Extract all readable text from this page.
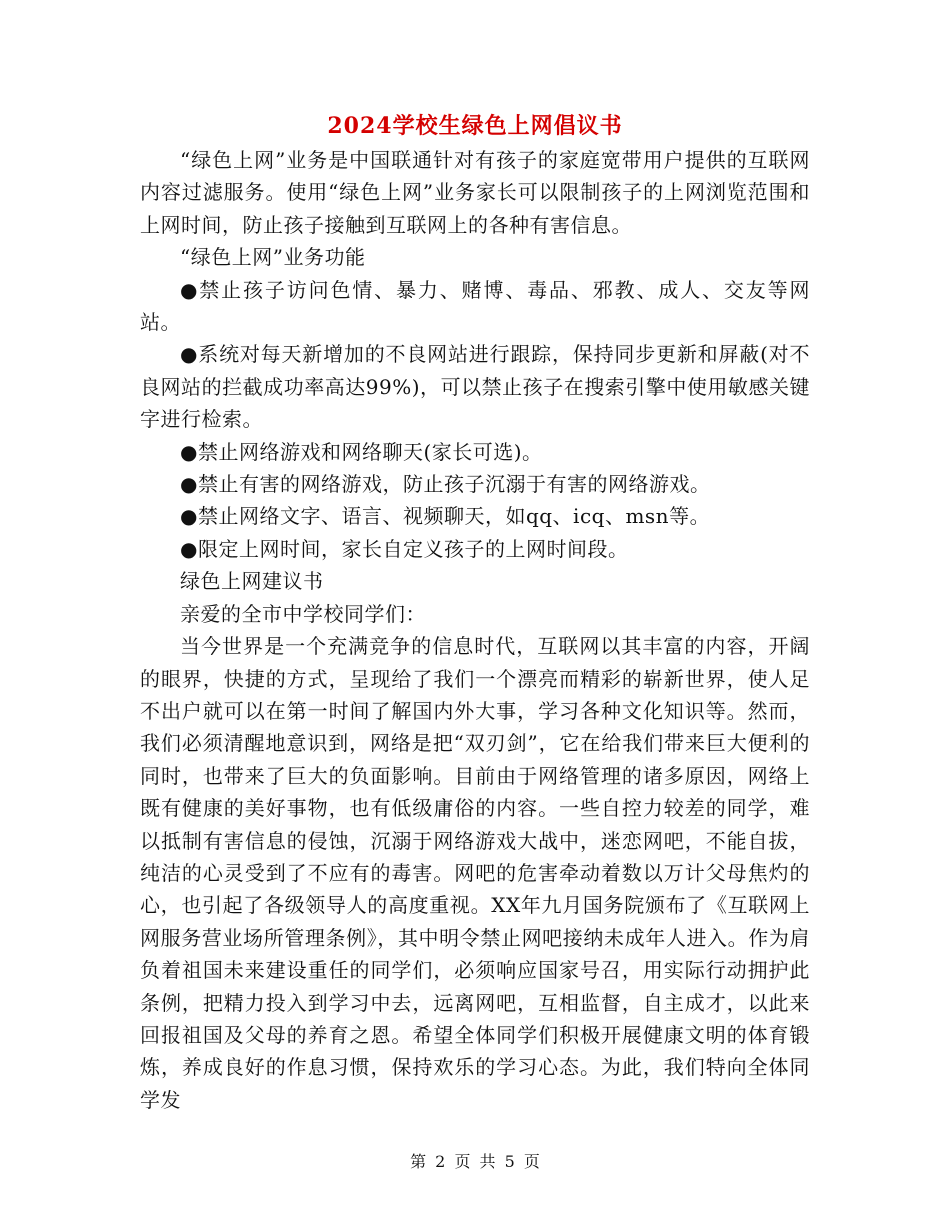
2024学校生绿色上网倡议书

“绿色上网”业务是中国联通针对有孩子的家庭宽带用户提供的互联网内容过滤服务。使用“绿色上网”业务家长可以限制孩子的上网浏览范围和上网时间，防止孩子接触到互联网上的各种有害信息。

“绿色上网”业务功能

●禁止孩子访问色情、暴力、赌博、毒品、邪教、成人、交友等网站。

●系统对每天新增加的不良网站进行跟踪，保持同步更新和屏蔽(对不良网站的拦截成功率高达99%)，可以禁止孩子在搜索引擎中使用敏感关键字进行检索。

●禁止网络游戏和网络聊天(家长可选)。

●禁止有害的网络游戏，防止孩子沉溺于有害的网络游戏。

●禁止网络文字、语言、视频聊天，如qq、icq、msn等。

●限定上网时间，家长自定义孩子的上网时间段。

绿色上网建议书

亲爱的全市中学校同学们：

当今世界是一个充满竞争的信息时代，互联网以其丰富的内容，开阔的眼界，快捷的方式，呈现给了我们一个漂亮而精彩的崭新世界，使人足不出户就可以在第一时间了解国内外大事，学习各种文化知识等。然而，我们必须清醒地意识到，网络是把“双刃剑”，它在给我们带来巨大便利的同时，也带来了巨大的负面影响。目前由于网络管理的诸多原因，网络上既有健康的美好事物，也有低级庸俗的内容。一些自控力较差的同学，难以抵制有害信息的侵蚀，沉溺于网络游戏大战中，迷恋网吧，不能自拔，纯洁的心灵受到了不应有的毒害。网吧的危害牵动着数以万计父母焦灼的心，也引起了各级领导人的高度重视。XX年九月国务院颁布了《互联网上网服务营业场所管理条例》，其中明令禁止网吧接纳未成年人进入。作为肩负着祖国未来建设重任的同学们，必须响应国家号召，用实际行动拥护此条例，把精力投入到学习中去，远离网吧，互相监督，自主成才，以此来回报祖国及父母的养育之恩。希望全体同学们积极开展健康文明的体育锻炼，养成良好的作息习惯，保持欢乐的学习心态。为此，我们特向全体同学发

第 2 页 共 5 页
